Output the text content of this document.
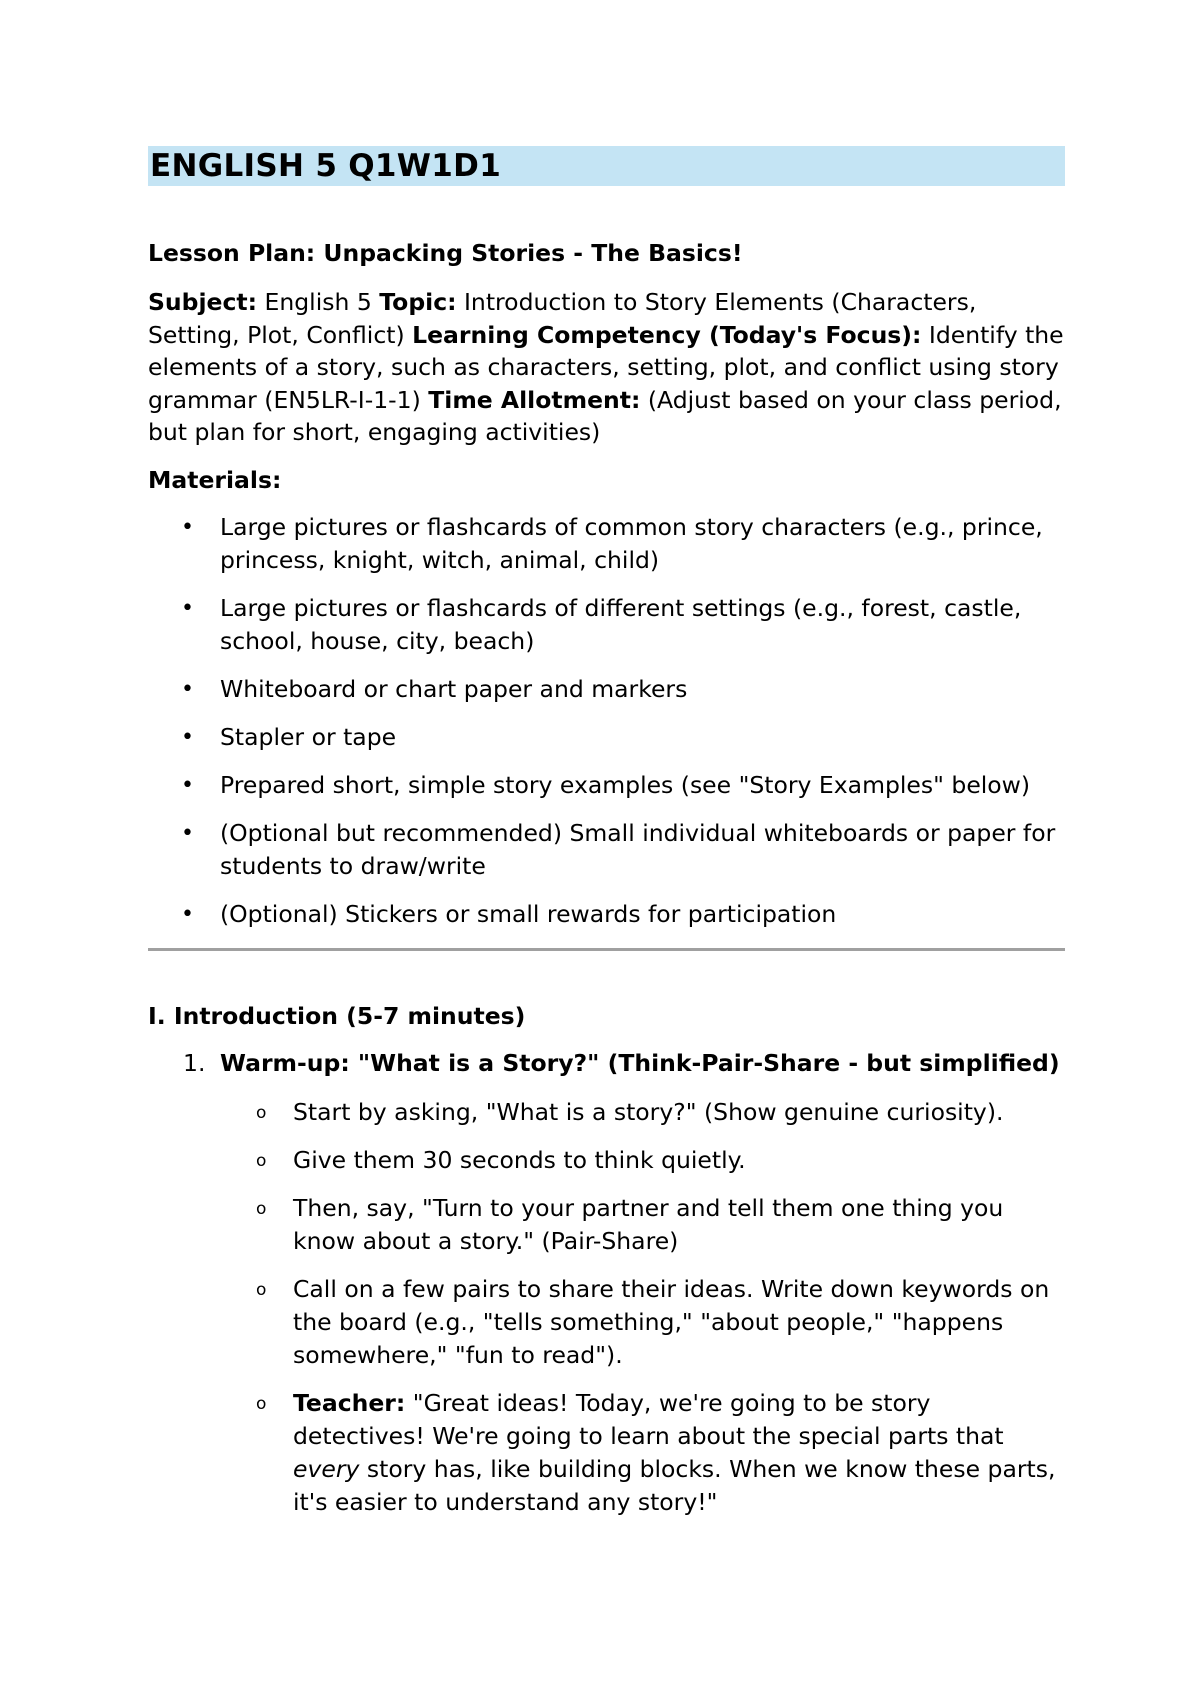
ENGLISH 5 Q1W1D1
Lesson Plan: Unpacking Stories - The Basics!
Subject: English 5 Topic: Introduction to Story Elements (Characters, Setting, Plot, Conflict) Learning Competency (Today's Focus): Identify the elements of a story, such as characters, setting, plot, and conflict using story grammar (EN5LR-I-1-1) Time Allotment: (Adjust based on your class period, but plan for short, engaging activities)
Materials:
• Large pictures or flashcards of common story characters (e.g., prince, princess, knight, witch, animal, child)
• Large pictures or flashcards of different settings (e.g., forest, castle, school, house, city, beach)
• Whiteboard or chart paper and markers
• Stapler or tape
• Prepared short, simple story examples (see "Story Examples" below)
• (Optional but recommended) Small individual whiteboards or paper for students to draw/write
• (Optional) Stickers or small rewards for participation
I. Introduction (5-7 minutes)
1. Warm-up: "What is a Story?" (Think-Pair-Share - but simplified)
o Start by asking, "What is a story?" (Show genuine curiosity).
o Give them 30 seconds to think quietly.
o Then, say, "Turn to your partner and tell them one thing you know about a story." (Pair-Share)
o Call on a few pairs to share their ideas. Write down keywords on the board (e.g., "tells something," "about people," "happens somewhere," "fun to read").
o Teacher: "Great ideas! Today, we're going to be story detectives! We're going to learn about the special parts that every story has, like building blocks. When we know these parts, it's easier to understand any story!"
